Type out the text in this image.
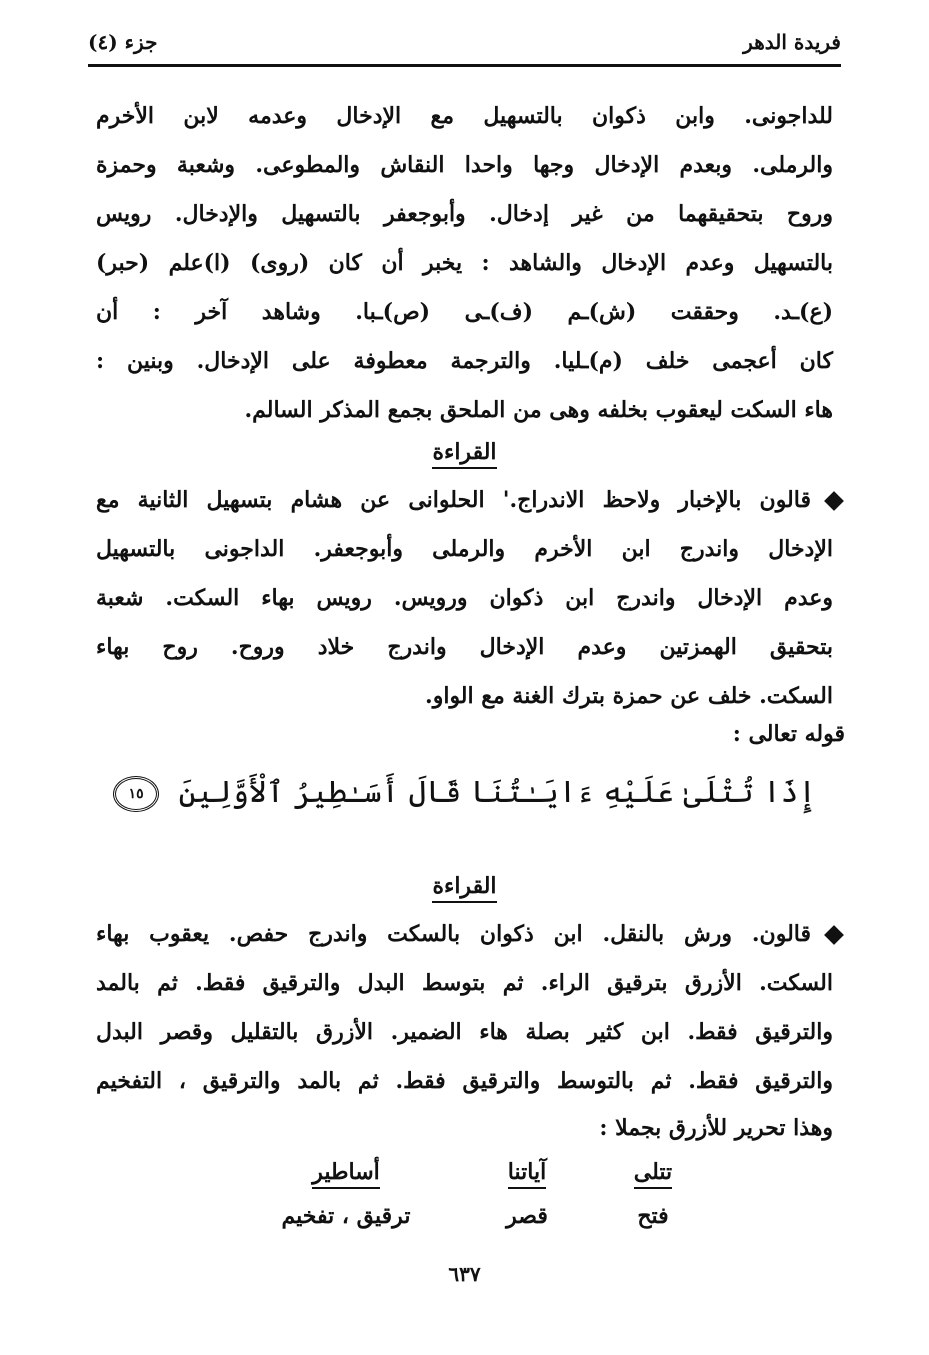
فريدة الدهر
جزء (٤)
للداجونى. وابن ذكوان بالتسهيل مع الإدخال وعدمه لابن الأخرم
والرملى. وبعدم الإدخال وجها واحدا النقاش والمطوعى. وشعبة وحمزة
وروح بتحقيقهما من غير إدخال. وأبوجعفر بالتسهيل والإدخال. رويس
بالتسهيل وعدم الإدخال والشاهد : يخبر أن كان (روى) (ا)علم (حبر)
(ع)ـد. وحققت (ش)ـم (ف)ـى (ص)ـبا. وشاهد آخر : أن
كان أعجمى خلف (م)ـليا. والترجمة معطوفة على الإدخال. وبنين :
هاء السكت ليعقوب بخلفه وهى من الملحق بجمع المذكر السالم.
القراءة
قالون بالإخبار ولاحظ الاندراج.' الحلوانى عن هشام بتسهيل الثانية مع
الإدخال واندرج ابن الأخرم والرملى وأبوجعفر. الداجونى بالتسهيل
وعدم الإدخال واندرج ابن ذكوان ورويس. رويس بهاء السكت. شعبة
بتحقيق الهمزتين وعدم الإدخال واندرج خلاد وروح. روح بهاء
السكت. خلف عن حمزة بترك الغنة مع الواو.
قوله تعالى :
إِذَا تُتْلَىٰ عَلَيْهِ ءَايَـٰتُنَا قَالَ أَسَـٰطِيرُ ٱلْأَوَّلِينَ ١٥
القراءة
قالون. ورش بالنقل. ابن ذكوان بالسكت واندرج حفص. يعقوب بهاء
السكت. الأزرق بترقيق الراء. ثم بتوسط البدل والترقيق فقط. ثم بالمد
والترقيق فقط. ابن كثير بصلة هاء الضمير. الأزرق بالتقليل وقصر البدل
والترقيق فقط. ثم بالتوسط والترقيق فقط. ثم بالمد والترقيق ، التفخيم
وهذا تحرير للأزرق بجملا :
تتلى
آياتنا
أساطير
فتح
قصر
ترقيق ، تفخيم
٦٣٧
